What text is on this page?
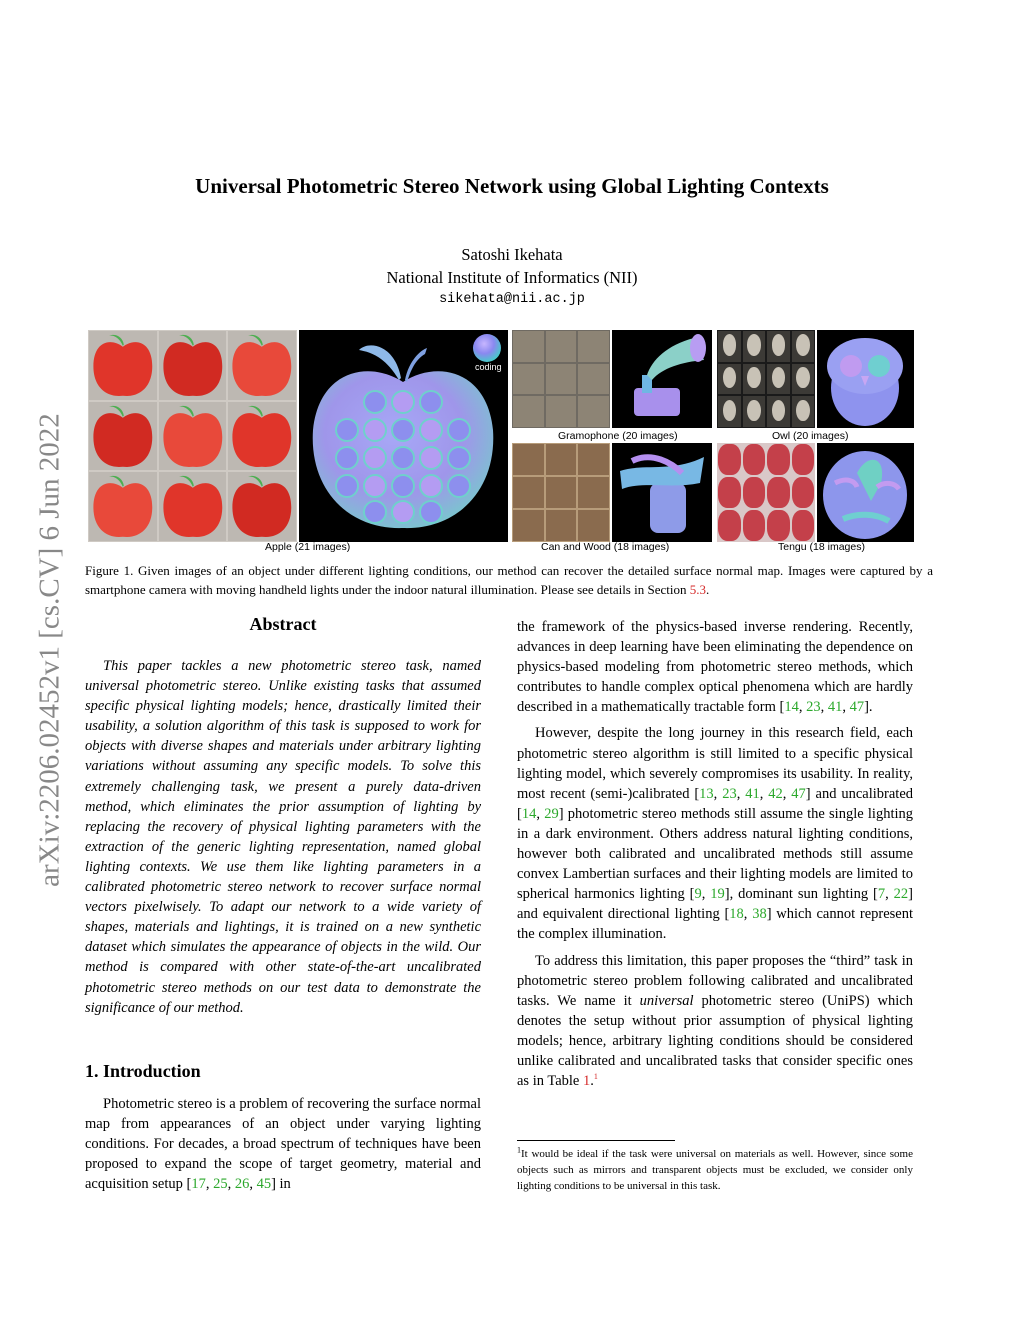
arXiv:2206.02452v1 [cs.CV] 6 Jun 2022
Universal Photometric Stereo Network using Global Lighting Contexts
Satoshi Ikehata
National Institute of Informatics (NII)
sikehata@nii.ac.jp
coding
Gramophone (20 images)	Owl (20 images)
Apple (21 images)	Can and Wood (18 images)	Tengu (18 images)
Figure 1. Given images of an object under different lighting conditions, our method can recover the detailed surface normal map. Images were captured by a smartphone camera with moving handheld lights under the indoor natural illumination. Please see details in Section 5.3.
Abstract

This paper tackles a new photometric stereo task, named universal photometric stereo. Unlike existing tasks that assumed specific physical lighting models; hence, drastically limited their usability, a solution algorithm of this task is supposed to work for objects with diverse shapes and materials under arbitrary lighting variations without assuming any specific models. To solve this extremely challenging task, we present a purely data-driven method, which eliminates the prior assumption of lighting by replacing the recovery of physical lighting parameters with the extraction of the generic lighting representation, named global lighting contexts. We use them like lighting parameters in a calibrated photometric stereo network to recover surface normal vectors pixelwisely. To adapt our network to a wide variety of shapes, materials and lightings, it is trained on a new synthetic dataset which simulates the appearance of objects in the wild. Our method is compared with other state-of-the-art uncalibrated photometric stereo methods on our test data to demonstrate the significance of our method.

1. Introduction

Photometric stereo is a problem of recovering the surface normal map from appearances of an object under varying lighting conditions. For decades, a broad spectrum of techniques have been proposed to expand the scope of target geometry, material and acquisition setup [17, 25, 26, 45] in

the framework of the physics-based inverse rendering. Recently, advances in deep learning have been eliminating the dependence on physics-based modeling from photometric stereo methods, which contributes to handle complex optical phenomena which are hardly described in a mathematically tractable form [14, 23, 41, 47].

However, despite the long journey in this research field, each photometric stereo algorithm is still limited to a specific physical lighting model, which severely compromises its usability. In reality, most recent (semi-)calibrated [13, 23, 41, 42, 47] and uncalibrated [14, 29] photometric stereo methods still assume the single lighting in a dark environment. Others address natural lighting conditions, however both calibrated and uncalibrated methods still assume convex Lambertian surfaces and their lighting models are limited to spherical harmonics lighting [9, 19], dominant sun lighting [7, 22] and equivalent directional lighting [18, 38] which cannot represent the complex illumination.

To address this limitation, this paper proposes the “third” task in photometric stereo problem following calibrated and uncalibrated tasks. We name it universal photometric stereo (UniPS) which denotes the setup without prior assumption of physical lighting models; hence, arbitrary lighting conditions should be considered unlike calibrated and uncalibrated tasks that consider specific ones as in Table 1.$^1$

$^1$It would be ideal if the task were universal on materials as well. However, since some objects such as mirrors and transparent objects must be excluded, we consider only lighting conditions to be universal in this task.
